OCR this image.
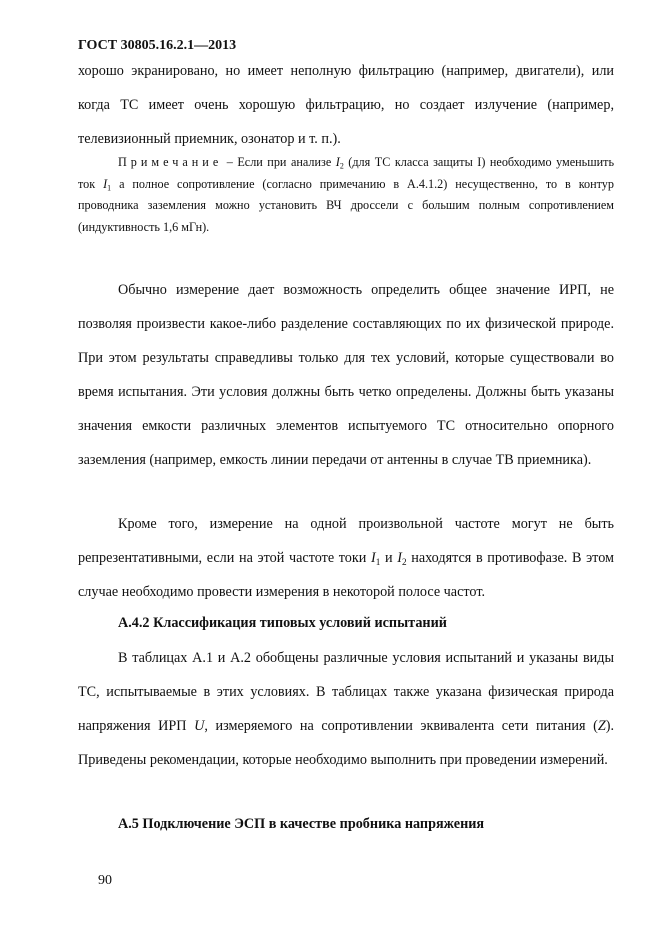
ГОСТ 30805.16.2.1—2013

хорошо экранировано, но имеет неполную фильтрацию (например, двигатели), или когда ТС имеет очень хорошую фильтрацию, но создает излучение (например, телевизионный приемник, озонатор и т. п.).

Примечание – Если при анализе $I_2$ (для ТС класса защиты I) необходимо уменьшить ток $I_1$ а полное сопротивление (согласно примечанию в А.4.1.2) несущественно, то в контур проводника заземления можно установить ВЧ дроссели с большим полным сопротивлением (индуктивность 1,6 мГн).

Обычно измерение дает возможность определить общее значение ИРП, не позволяя произвести какое-либо разделение составляющих по их физической природе. При этом результаты справедливы только для тех условий, которые существовали во время испытания. Эти условия должны быть четко определены. Должны быть указаны значения емкости различных элементов испытуемого ТС относительно опорного заземления (например, емкость линии передачи от антенны в случае ТВ приемника).

Кроме того, измерение на одной произвольной частоте могут не быть репрезентативными, если на этой частоте токи $I_1$ и $I_2$ находятся в противофазе. В этом случае необходимо провести измерения в некоторой полосе частот.

А.4.2 Классификация типовых условий испытаний

В таблицах А.1 и А.2 обобщены различные условия испытаний и указаны виды ТС, испытываемые в этих условиях. В таблицах также указана физическая природа напряжения ИРП U, измеряемого на сопротивлении эквивалента сети питания (Z). Приведены рекомендации, которые необходимо выполнить при проведении измерений.

А.5 Подключение ЭСП в качестве пробника напряжения

90
